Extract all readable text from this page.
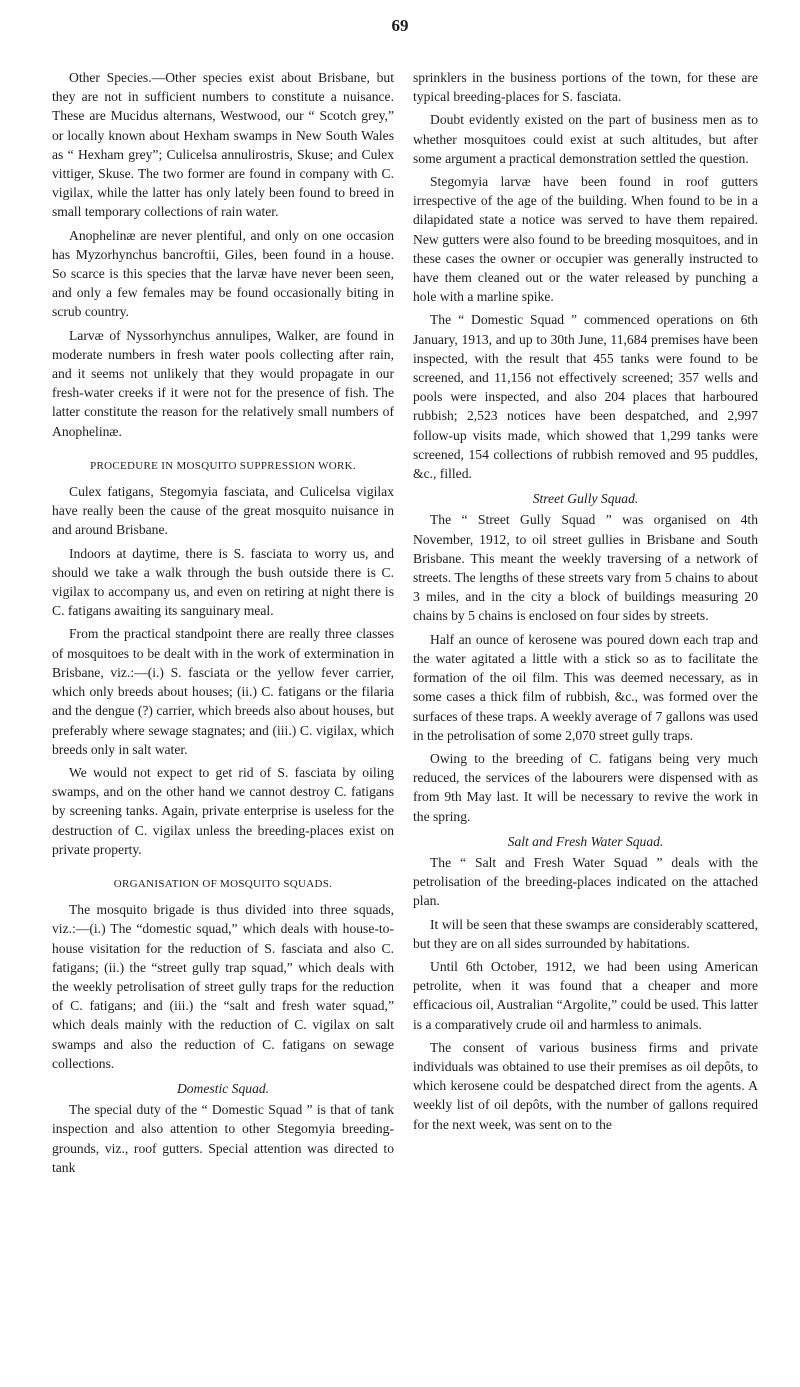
69

Other Species.—Other species exist about Brisbane, but they are not in sufficient numbers to constitute a nuisance. These are Mucidus alternans, Westwood, our “ Scotch grey,” or locally known about Hexham swamps in New South Wales as “ Hexham grey”; Culicelsa annulirostris, Skuse; and Culex vittiger, Skuse. The two former are found in company with C. vigilax, while the latter has only lately been found to breed in small temporary collections of rain water.

Anophelinæ are never plentiful, and only on one occasion has Myzorhynchus bancroftii, Giles, been found in a house. So scarce is this species that the larvæ have never been seen, and only a few females may be found occasionally biting in scrub country.

Larvæ of Nyssorhynchus annulipes, Walker, are found in moderate numbers in fresh water pools collecting after rain, and it seems not unlikely that they would propagate in our fresh-water creeks if it were not for the presence of fish. The latter constitute the reason for the relatively small numbers of Anophelinæ.

PROCEDURE IN MOSQUITO SUPPRESSION WORK.

Culex fatigans, Stegomyia fasciata, and Culicelsa vigilax have really been the cause of the great mosquito nuisance in and around Brisbane.

Indoors at daytime, there is S. fasciata to worry us, and should we take a walk through the bush outside there is C. vigilax to accompany us, and even on retiring at night there is C. fatigans awaiting its sanguinary meal.

From the practical standpoint there are really three classes of mosquitoes to be dealt with in the work of extermination in Brisbane, viz.:—(i.) S. fasciata or the yellow fever carrier, which only breeds about houses; (ii.) C. fatigans or the filaria and the dengue (?) carrier, which breeds also about houses, but preferably where sewage stagnates; and (iii.) C. vigilax, which breeds only in salt water.

We would not expect to get rid of S. fasciata by oiling swamps, and on the other hand we cannot destroy C. fatigans by screening tanks. Again, private enterprise is useless for the destruction of C. vigilax unless the breeding-places exist on private property.

ORGANISATION OF MOSQUITO SQUADS.

The mosquito brigade is thus divided into three squads, viz.:—(i.) The “domestic squad,” which deals with house-to-house visitation for the reduction of S. fasciata and also C. fatigans; (ii.) the “street gully trap squad,” which deals with the weekly petrolisation of street gully traps for the reduction of C. fatigans; and (iii.) the “salt and fresh water squad,” which deals mainly with the reduction of C. vigilax on salt swamps and also the reduction of C. fatigans on sewage collections.

Domestic Squad.

The special duty of the “ Domestic Squad ” is that of tank inspection and also attention to other Stegomyia breeding-grounds, viz., roof gutters. Special attention was directed to tank

sprinklers in the business portions of the town, for these are typical breeding-places for S. fasciata.

Doubt evidently existed on the part of business men as to whether mosquitoes could exist at such altitudes, but after some argument a practical demonstration settled the question.

Stegomyia larvæ have been found in roof gutters irrespective of the age of the building. When found to be in a dilapidated state a notice was served to have them repaired. New gutters were also found to be breeding mosquitoes, and in these cases the owner or occupier was generally instructed to have them cleaned out or the water released by punching a hole with a marline spike.

The “ Domestic Squad ” commenced operations on 6th January, 1913, and up to 30th June, 11,684 premises have been inspected, with the result that 455 tanks were found to be screened, and 11,156 not effectively screened; 357 wells and pools were inspected, and also 204 places that harboured rubbish; 2,523 notices have been despatched, and 2,997 follow-up visits made, which showed that 1,299 tanks were screened, 154 collections of rubbish removed and 95 puddles, &c., filled.

Street Gully Squad.

The “ Street Gully Squad ” was organised on 4th November, 1912, to oil street gullies in Brisbane and South Brisbane. This meant the weekly traversing of a network of streets. The lengths of these streets vary from 5 chains to about 3 miles, and in the city a block of buildings measuring 20 chains by 5 chains is enclosed on four sides by streets.

Half an ounce of kerosene was poured down each trap and the water agitated a little with a stick so as to facilitate the formation of the oil film. This was deemed necessary, as in some cases a thick film of rubbish, &c., was formed over the surfaces of these traps. A weekly average of 7 gallons was used in the petrolisation of some 2,070 street gully traps.

Owing to the breeding of C. fatigans being very much reduced, the services of the labourers were dispensed with as from 9th May last. It will be necessary to revive the work in the spring.

Salt and Fresh Water Squad.

The “ Salt and Fresh Water Squad ” deals with the petrolisation of the breeding-places indicated on the attached plan.

It will be seen that these swamps are considerably scattered, but they are on all sides surrounded by habitations.

Until 6th October, 1912, we had been using American petrolite, when it was found that a cheaper and more efficacious oil, Australian “Argolite,” could be used. This latter is a comparatively crude oil and harmless to animals.

The consent of various business firms and private individuals was obtained to use their premises as oil depôts, to which kerosene could be despatched direct from the agents. A weekly list of oil depôts, with the number of gallons required for the next week, was sent on to the
